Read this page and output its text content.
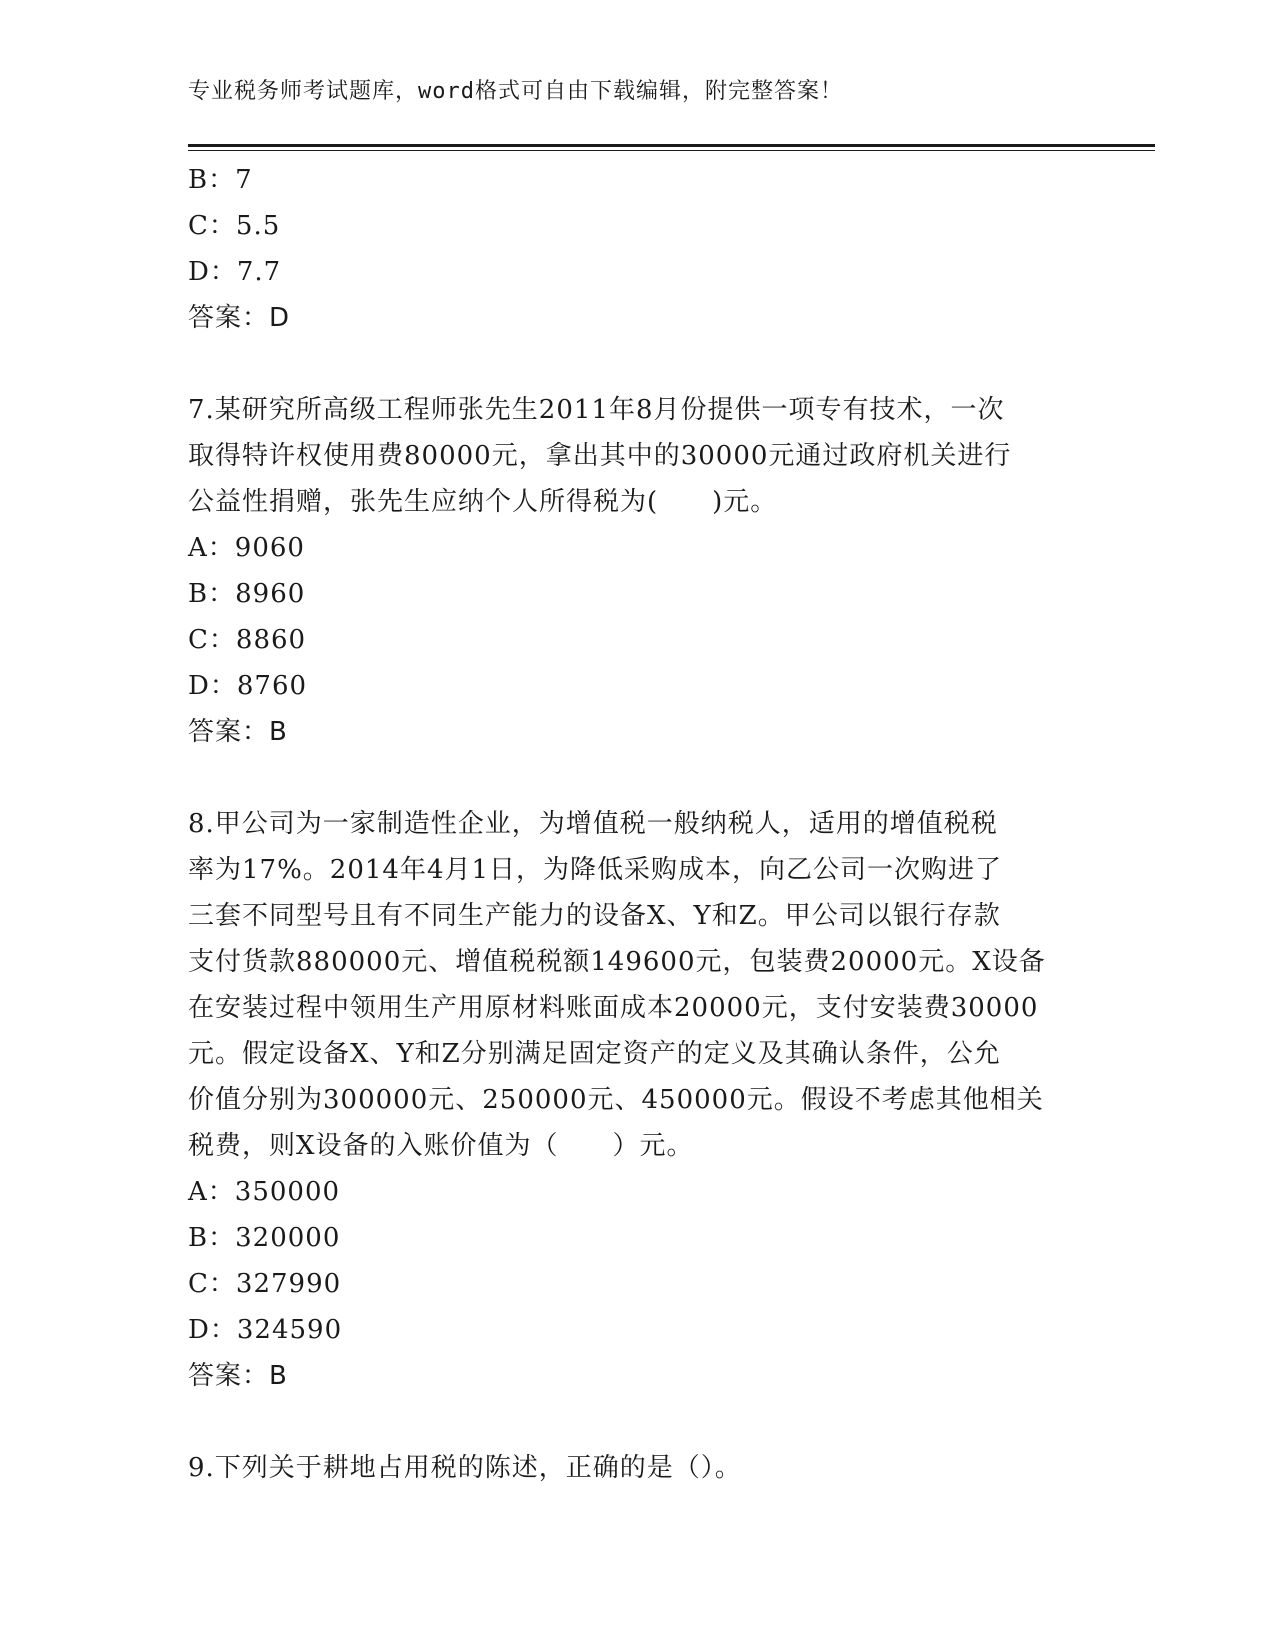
专业税务师考试题库，word格式可自由下载编辑，附完整答案！

B：7

C：5.5

D：7.7

答案：D

7.某研究所高级工程师张先生2011年8月份提供一项专有技术，一次

取得特许权使用费80000元，拿出其中的30000元通过政府机关进行

公益性捐赠，张先生应纳个人所得税为(　　)元。

A：9060

B：8960

C：8860

D：8760

答案：B

8.甲公司为一家制造性企业，为增值税一般纳税人，适用的增值税税

率为17%。2014年4月1日，为降低采购成本，向乙公司一次购进了

三套不同型号且有不同生产能力的设备X、Y和Z。甲公司以银行存款

支付货款880000元、增值税税额149600元，包装费20000元。X设备

在安装过程中领用生产用原材料账面成本20000元，支付安装费30000

元。假定设备X、Y和Z分别满足固定资产的定义及其确认条件，公允

价值分别为300000元、250000元、450000元。假设不考虑其他相关

税费，则X设备的入账价值为（　　）元。

A：350000

B：320000

C：327990

D：324590

答案：B

9.下列关于耕地占用税的陈述，正确的是（）。
